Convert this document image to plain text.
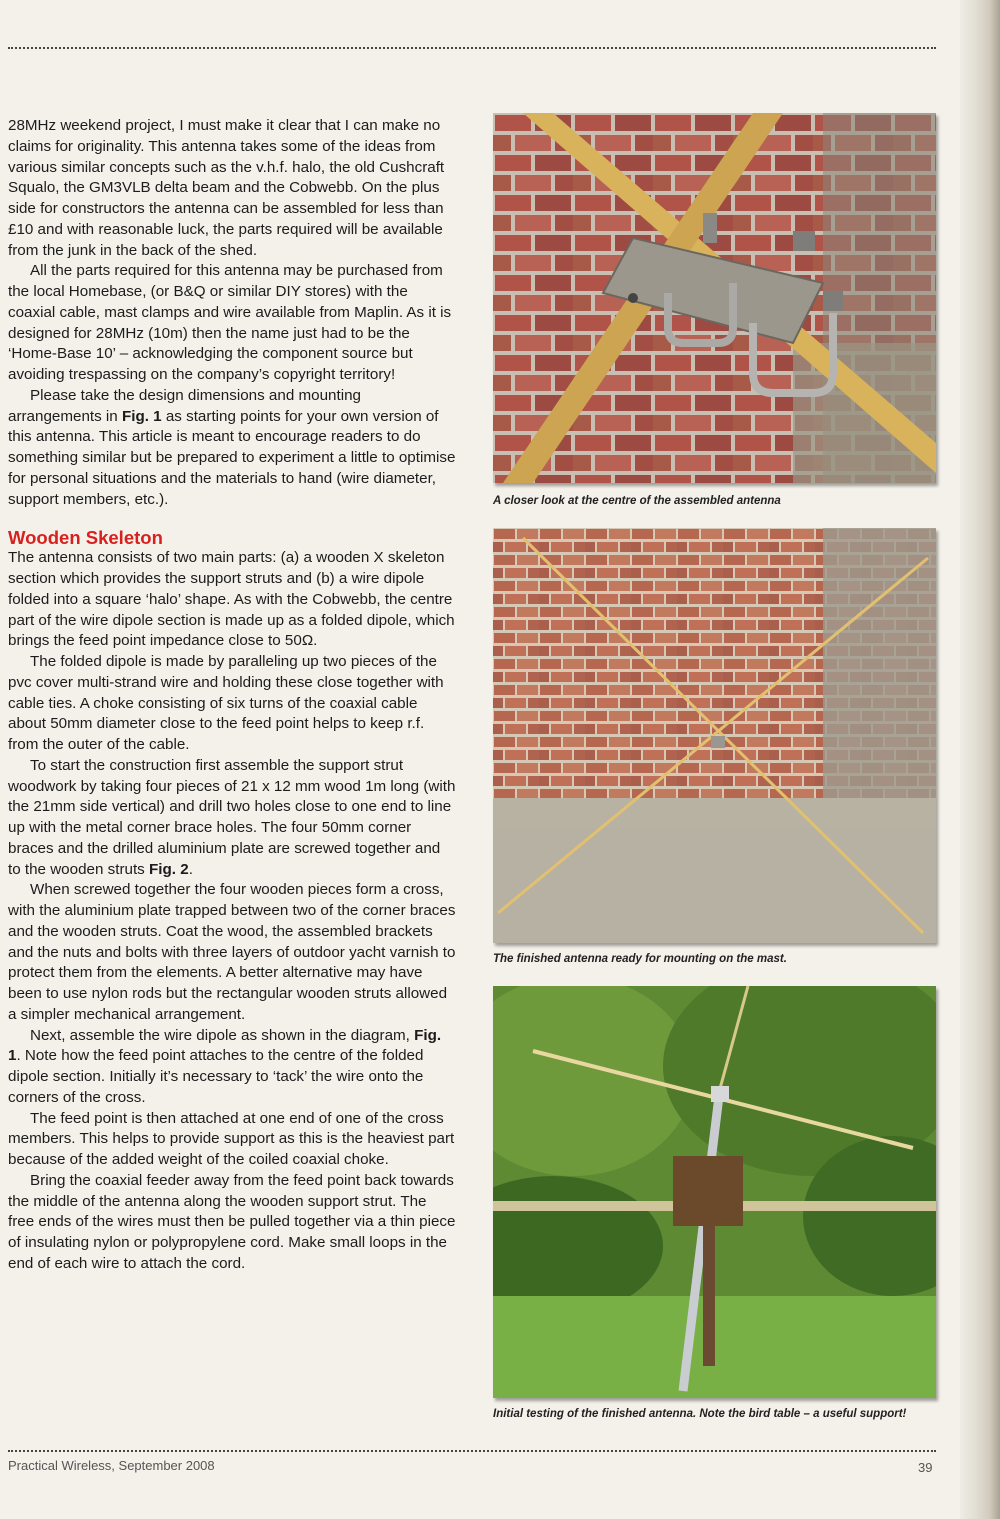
28MHz weekend project, I must make it clear that I can make no claims for originality. This antenna takes some of the ideas from various similar concepts such as the v.h.f. halo, the old Cushcraft Squalo, the GM3VLB delta beam and the Cobwebb. On the plus side for constructors the antenna can be assembled for less than £10 and with reasonable luck, the parts required will be available from the junk in the back of the shed.

All the parts required for this antenna may be purchased from the local Homebase, (or B&Q or similar DIY stores) with the coaxial cable, mast clamps and wire available from Maplin. As it is designed for 28MHz (10m) then the name just had to be the ‘Home-Base 10’ – acknowledging the component source but avoiding trespassing on the company’s copyright territory!

Please take the design dimensions and mounting arrangements in Fig. 1 as starting points for your own version of this antenna. This article is meant to encourage readers to do something similar but be prepared to experiment a little to optimise for personal situations and the materials to hand (wire diameter, support members, etc.).

Wooden Skeleton

The antenna consists of two main parts: (a) a wooden X skeleton section which provides the support struts and (b) a wire dipole folded into a square ‘halo’ shape. As with the Cobwebb, the centre part of the wire dipole section is made up as a folded dipole, which brings the feed point impedance close to 50Ω.

The folded dipole is made by paralleling up two pieces of the pvc cover multi-strand wire and holding these close together with cable ties. A choke consisting of six turns of the coaxial cable about 50mm diameter close to the feed point helps to keep r.f. from the outer of the cable.

To start the construction first assemble the support strut woodwork by taking four pieces of 21 x 12 mm wood 1m long (with the 21mm side vertical) and drill two holes close to one end to line up with the metal corner brace holes. The four 50mm corner braces and the drilled aluminium plate are screwed together and to the wooden struts Fig. 2.

When screwed together the four wooden pieces form a cross, with the aluminium plate trapped between two of the corner braces and the wooden struts. Coat the wood, the assembled brackets and the nuts and bolts with three layers of outdoor yacht varnish to protect them from the elements. A better alternative may have been to use nylon rods but the rectangular wooden struts allowed a simpler mechanical arrangement.

Next, assemble the wire dipole as shown in the diagram, Fig. 1. Note how the feed point attaches to the centre of the folded dipole section. Initially it’s necessary to ‘tack’ the wire onto the corners of the cross.

The feed point is then attached at one end of one of the cross members. This helps to provide support as this is the heaviest part because of the added weight of the coiled coaxial choke.

Bring the coaxial feeder away from the feed point back towards the middle of the antenna along the wooden support strut. The free ends of the wires must then be pulled together via a thin piece of insulating nylon or polypropylene cord. Make small loops in the end of each wire to attach the cord.

A closer look at the centre of the assembled antenna
The finished antenna ready for mounting on the mast.
Initial testing of the finished antenna. Note the bird table – a useful support!
Practical Wireless, September 2008	39
